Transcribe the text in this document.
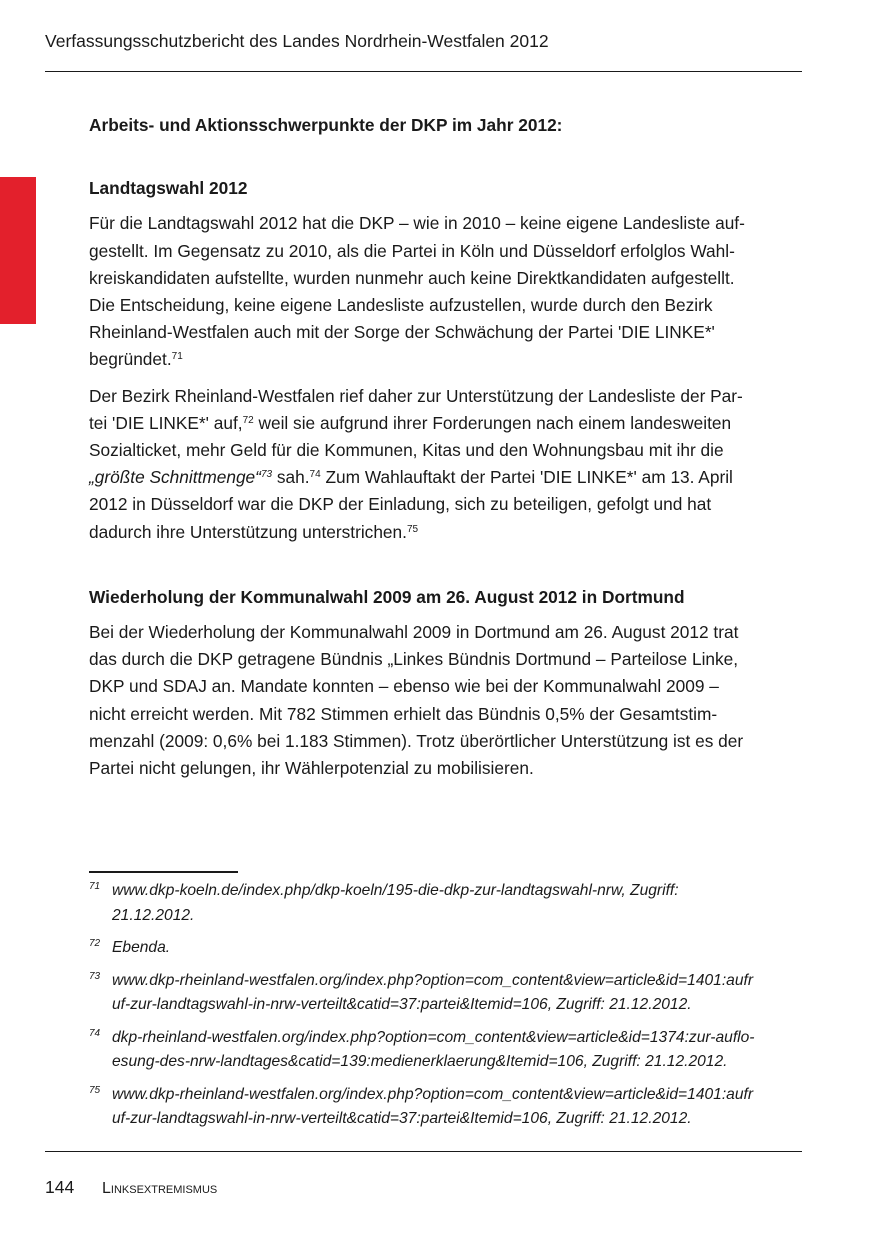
Verfassungsschutzbericht des Landes Nordrhein-Westfalen 2012

Arbeits- und Aktionsschwerpunkte der DKP im Jahr 2012:

Landtagswahl 2012

Für die Landtagswahl 2012 hat die DKP – wie in 2010 – keine eigene Landesliste auf-
gestellt. Im Gegensatz zu 2010, als die Partei in Köln und Düsseldorf erfolglos Wahl-
kreiskandidaten aufstellte, wurden nunmehr auch keine Direktkandidaten aufgestellt.
Die Entscheidung, keine eigene Landesliste aufzustellen, wurde durch den Bezirk
Rheinland-Westfalen auch mit der Sorge der Schwächung der Partei 'DIE LINKE*'
begründet.$^{71}$

Der Bezirk Rheinland-Westfalen rief daher zur Unterstützung der Landesliste der Par-
tei 'DIE LINKE*' auf,$^{72}$ weil sie aufgrund ihrer Forderungen nach einem landesweiten
Sozialticket, mehr Geld für die Kommunen, Kitas und den Wohnungsbau mit ihr die
„größte Schnittmenge“$^{73}$ sah.$^{74}$ Zum Wahlauftakt der Partei 'DIE LINKE*' am 13. April
2012 in Düsseldorf war die DKP der Einladung, sich zu beteiligen, gefolgt und hat
dadurch ihre Unterstützung unterstrichen.$^{75}$

Wiederholung der Kommunalwahl 2009 am 26. August 2012 in Dortmund

Bei der Wiederholung der Kommunalwahl 2009 in Dortmund am 26. August 2012 trat
das durch die DKP getragene Bündnis „Linkes Bündnis Dortmund – Parteilose Linke,
DKP und SDAJ an. Mandate konnten – ebenso wie bei der Kommunalwahl 2009 –
nicht erreicht werden. Mit 782 Stimmen erhielt das Bündnis 0,5% der Gesamtstim-
menzahl (2009: 0,6% bei 1.183 Stimmen). Trotz überörtlicher Unterstützung ist es der
Partei nicht gelungen, ihr Wählerpotenzial zu mobilisieren.

71 www.dkp-koeln.de/index.php/dkp-koeln/195-die-dkp-zur-landtagswahl-nrw, Zugriff:
21.12.2012.
72 Ebenda.
73 www.dkp-rheinland-westfalen.org/index.php?option=com_content&view=article&id=1401:aufr
uf-zur-landtagswahl-in-nrw-verteilt&catid=37:partei&Itemid=106, Zugriff: 21.12.2012.
74 dkp-rheinland-westfalen.org/index.php?option=com_content&view=article&id=1374:zur-auflo-
esung-des-nrw-landtages&catid=139:medienerklaerung&Itemid=106, Zugriff: 21.12.2012.
75 www.dkp-rheinland-westfalen.org/index.php?option=com_content&view=article&id=1401:aufr
uf-zur-landtagswahl-in-nrw-verteilt&catid=37:partei&Itemid=106, Zugriff: 21.12.2012.
144 Linksextremismus
